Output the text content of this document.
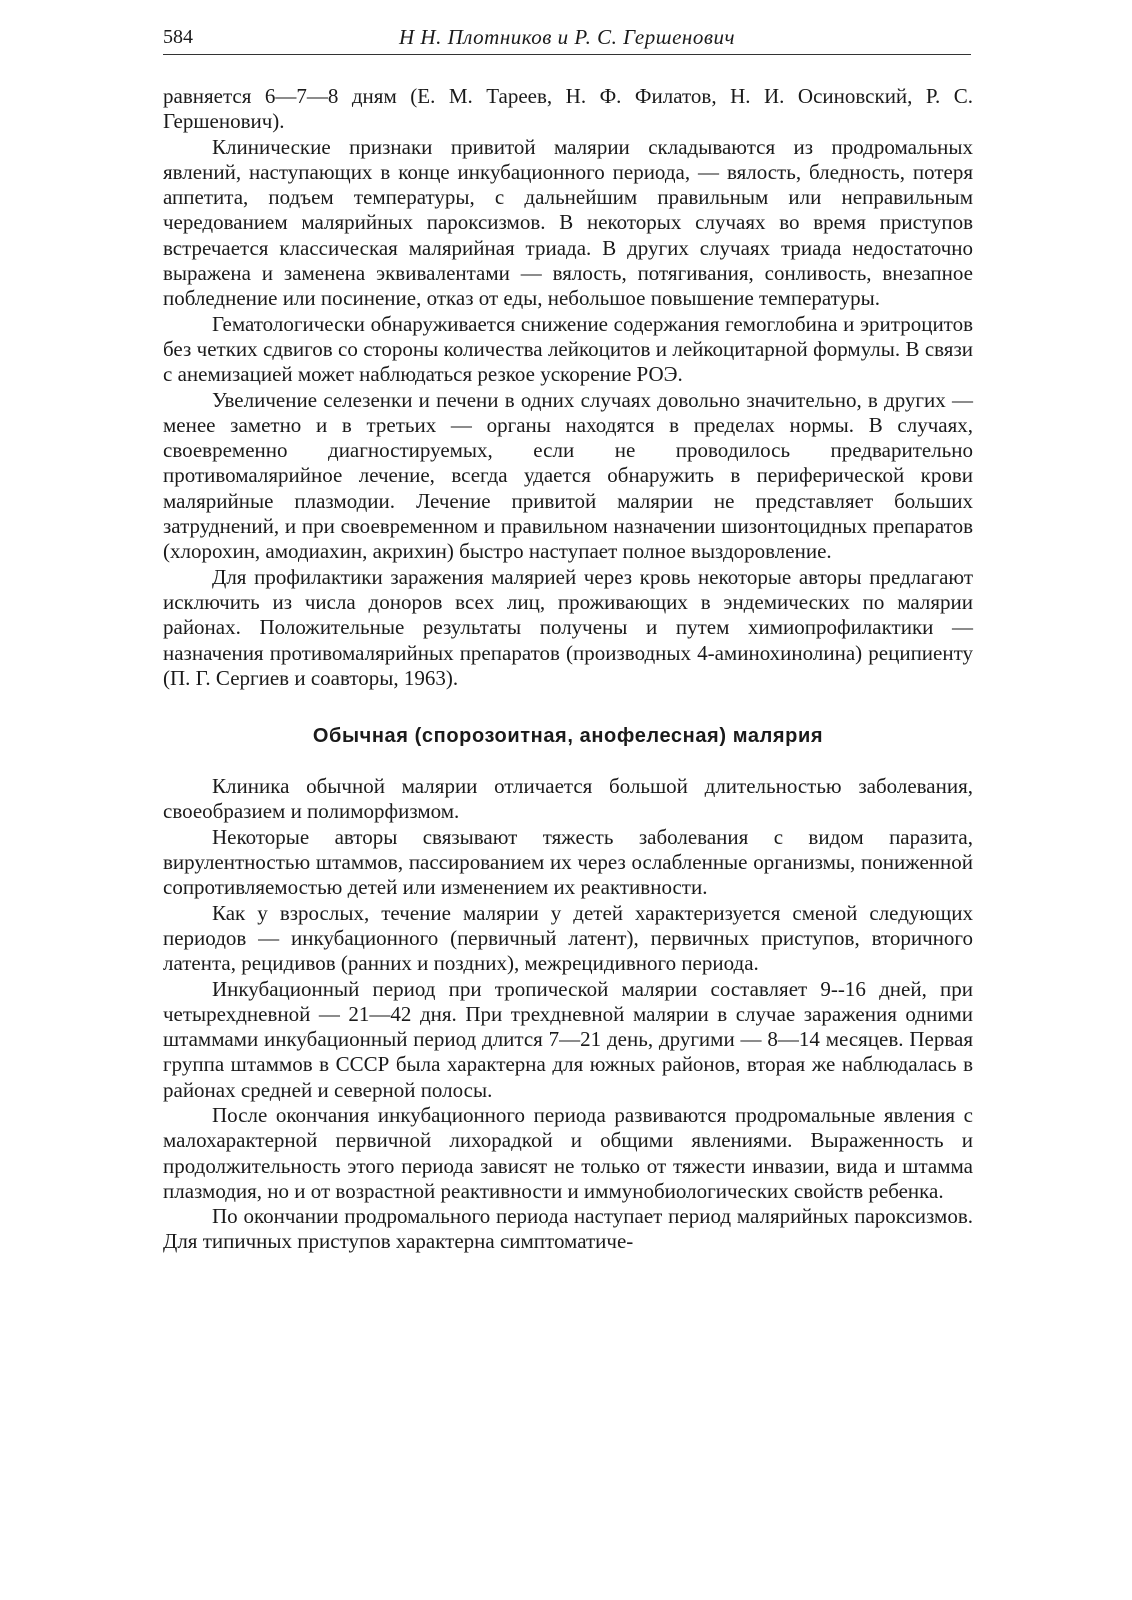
584	Н Н. Плотников и Р. С. Гершенович

равняется 6—7—8 дням (Е. М. Тареев, Н. Ф. Филатов, Н. И. Осиновский, Р. С. Гершенович).

Клинические признаки привитой малярии складываются из продромальных явлений, наступающих в конце инкубационного периода, — вялость, бледность, потеря аппетита, подъем температуры, с дальнейшим правильным или неправильным чередованием малярийных пароксизмов. В некоторых случаях во время приступов встречается классическая малярийная триада. В других случаях триада недостаточно выражена и заменена эквивалентами — вялость, потягивания, сонливость, внезапное побледнение или посинение, отказ от еды, небольшое повышение температуры.

Гематологически обнаруживается снижение содержания гемоглобина и эритроцитов без четких сдвигов со стороны количества лейкоцитов и лейкоцитарной формулы. В связи с анемизацией может наблюдаться резкое ускорение РОЭ.

Увеличение селезенки и печени в одних случаях довольно значительно, в других — менее заметно и в третьих — органы находятся в пределах нормы. В случаях, своевременно диагностируемых, если не проводилось предварительно противомалярийное лечение, всегда удается обнаружить в периферической крови малярийные плазмодии. Лечение привитой малярии не представляет больших затруднений, и при своевременном и правильном назначении шизонтоцидных препаратов (хлорохин, амодиахин, акрихин) быстро наступает полное выздоровление.

Для профилактики заражения малярией через кровь некоторые авторы предлагают исключить из числа доноров всех лиц, проживающих в эндемических по малярии районах. Положительные результаты получены и путем химиопрофилактики — назначения противомалярийных препаратов (производных 4-аминохинолина) реципиенту (П. Г. Сергиев и соавторы, 1963).

Обычная (спорозоитная, анофелесная) малярия

Клиника обычной малярии отличается большой длительностью заболевания, своеобразием и полиморфизмом.

Некоторые авторы связывают тяжесть заболевания с видом паразита, вирулентностью штаммов, пассированием их через ослабленные организмы, пониженной сопротивляемостью детей или изменением их реактивности.

Как у взрослых, течение малярии у детей характеризуется сменой следующих периодов — инкубационного (первичный латент), первичных приступов, вторичного латента, рецидивов (ранних и поздних), межрецидивного периода.

Инкубационный период при тропической малярии составляет 9--16 дней, при четырехдневной — 21—42 дня. При трехдневной малярии в случае заражения одними штаммами инкубационный период длится 7—21 день, другими — 8—14 месяцев. Первая группа штаммов в СССР была характерна для южных районов, вторая же наблюдалась в районах средней и северной полосы.

После окончания инкубационного периода развиваются продромальные явления с малохарактерной первичной лихорадкой и общими явлениями. Выраженность и продолжительность этого периода зависят не только от тяжести инвазии, вида и штамма плазмодия, но и от возрастной реактивности и иммунобиологических свойств ребенка.

По окончании продромального периода наступает период малярийных пароксизмов. Для типичных приступов характерна симптоматиче-
